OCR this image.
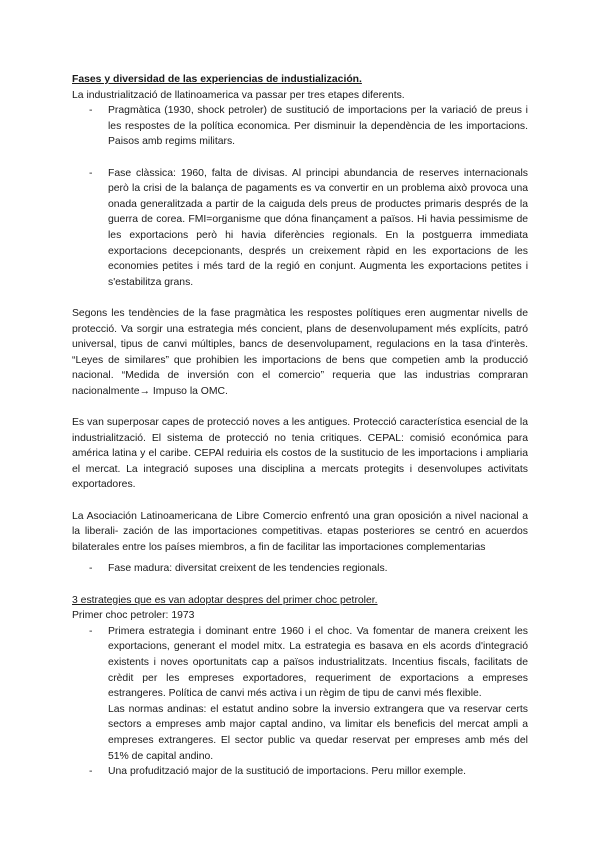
Fases y diversidad de las experiencias de industialización.

La industrialització de llatinoamerica va passar per tres etapes diferents.

- Pragmàtica (1930, shock petroler) de sustitució de importacions per la variació de preus i les respostes de la política economica. Per disminuir la dependència de les importacions. Paisos amb regims militars.
- Fase clàssica: 1960, falta de divisas. Al principi abundancia de reserves internacionals però la crisi de la balança de pagaments es va convertir en un problema això provoca una onada generalitzada a partir de la caiguda dels preus de productes primaris després de la guerra de corea. FMI=organisme que dóna finançament a països. Hi havia pessimisme de les exportacions però hi havia diferències regionals. En la postguerra immediata exportacions decepcionants, després un creixement ràpid en les exportacions de les economies petites i més tard de la regió en conjunt. Augmenta les exportacions petites i s'estabilitza grans.

Segons les tendències de la fase pragmàtica les respostes polítiques eren augmentar nivells de protecció. Va sorgir una estrategia més concient, plans de desenvolupament més explícits, patró universal, tipus de canvi múltiples, bancs de desenvolupament, regulacions en la tasa d'interès. “Leyes de similares” que prohibien les importacions de bens que competien amb la producció nacional. “Medida de inversión con el comercio” requeria que las industrias compraran nacionalmente→ Impuso la OMC.

Es van superposar capes de protecció noves a les antigues. Protecció característica esencial de la industrialització. El sistema de protecció no tenia critiques. CEPAL: comisió económica para américa latina y el caribe. CEPAl reduiria els costos de la sustitucio de les importacions i ampliaria el mercat. La integració suposes una disciplina a mercats protegits i desenvolupes activitats exportadores.

La Asociación Latinoamericana de Libre Comercio enfrentó una gran oposición a nivel nacional a la liberali- zación de las importaciones competitivas. etapas posteriores se centró en acuerdos bilaterales entre los países miembros, a fin de facilitar las importaciones complementarias

- Fase madura: diversitat creixent de les tendencies regionals.
3 estrategies que es van adoptar despres del primer choc petroler.
Primer choc petroler: 1973
- Primera estrategia i dominant entre 1960 i el choc. Va fomentar de manera creixent les exportacions, generant el model mitx. La estrategia es basava en els acords d'integració existents i noves oportunitats cap a països industrialitzats. Incentius fiscals, facilitats de crèdit per les empreses exportadores, requeriment de exportacions a empreses estrangeres. Política de canvi més activa i un règim de tipu de canvi més flexible.

Las normas andinas: el estatut andino sobre la inversio extrangera que va reservar certs sectors a empreses amb major captal andino, va limitar els beneficis del mercat ampli a empreses extrangeres. El sector public va quedar reservat per empreses amb més del 51% de capital andino.

- Una profudització major de la sustitució de importacions. Peru millor exemple.
